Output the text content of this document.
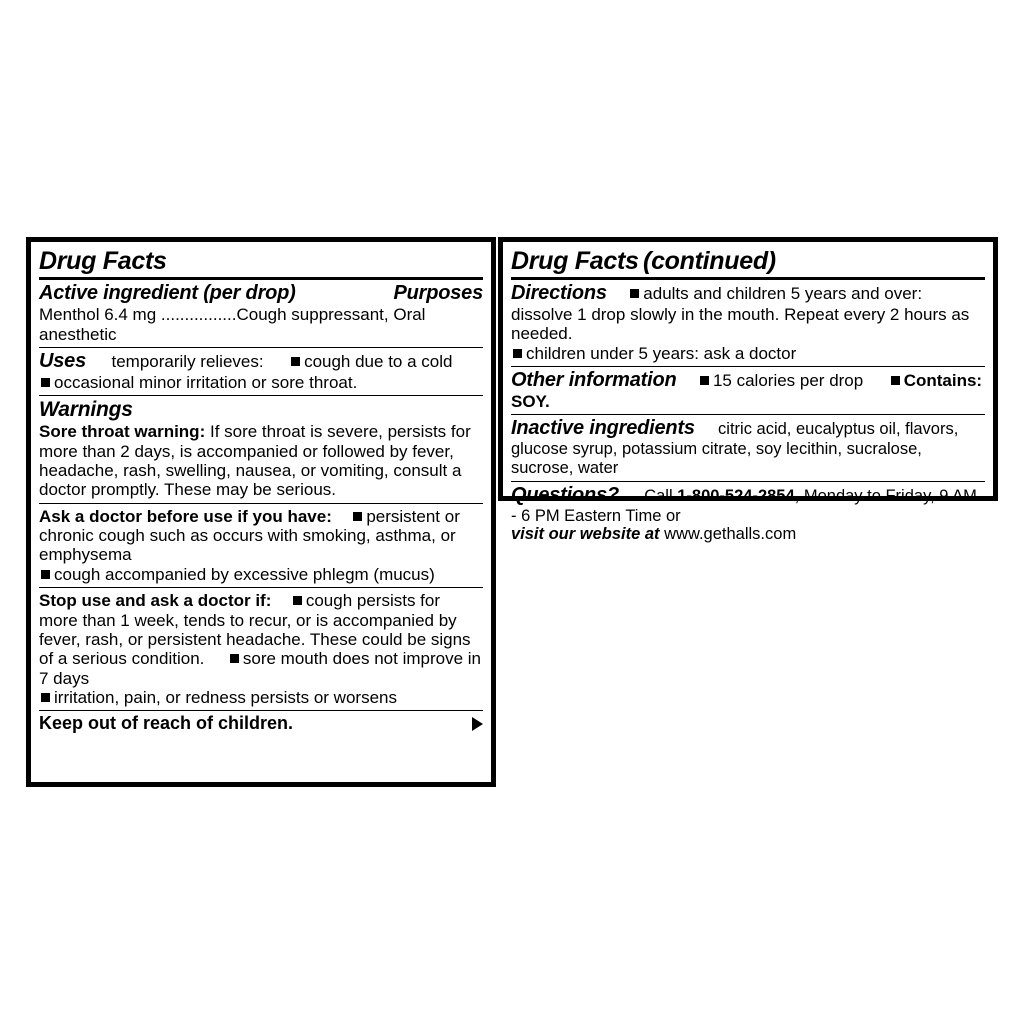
Drug Facts
Active ingredient (per drop)	Purposes
Menthol 6.4 mg ................Cough suppressant, Oral anesthetic
Uses temporarily relieves: cough due to a cold
occasional minor irritation or sore throat.
Warnings
Sore throat warning: If sore throat is severe, persists for more than 2 days, is accompanied or followed by fever, headache, rash, swelling, nausea, or vomiting, consult a doctor promptly. These may be serious.
Ask a doctor before use if you have: persistent or chronic cough such as occurs with smoking, asthma, or emphysema
cough accompanied by excessive phlegm (mucus)
Stop use and ask a doctor if: cough persists for more than 1 week, tends to recur, or is accompanied by fever, rash, or persistent headache. These could be signs of a serious condition. sore mouth does not improve in 7 days
irritation, pain, or redness persists or worsens
Keep out of reach of children.
Drug Facts (continued)
Directions adults and children 5 years and over: dissolve 1 drop slowly in the mouth. Repeat every 2 hours as needed.
children under 5 years: ask a doctor
Other information 15 calories per drop Contains: SOY.
Inactive ingredients citric acid, eucalyptus oil, flavors, glucose syrup, potassium citrate, soy lecithin, sucralose, sucrose, water
Questions? Call 1-800-524-2854, Monday to Friday, 9 AM - 6 PM Eastern Time or
visit our website at www.gethalls.com
